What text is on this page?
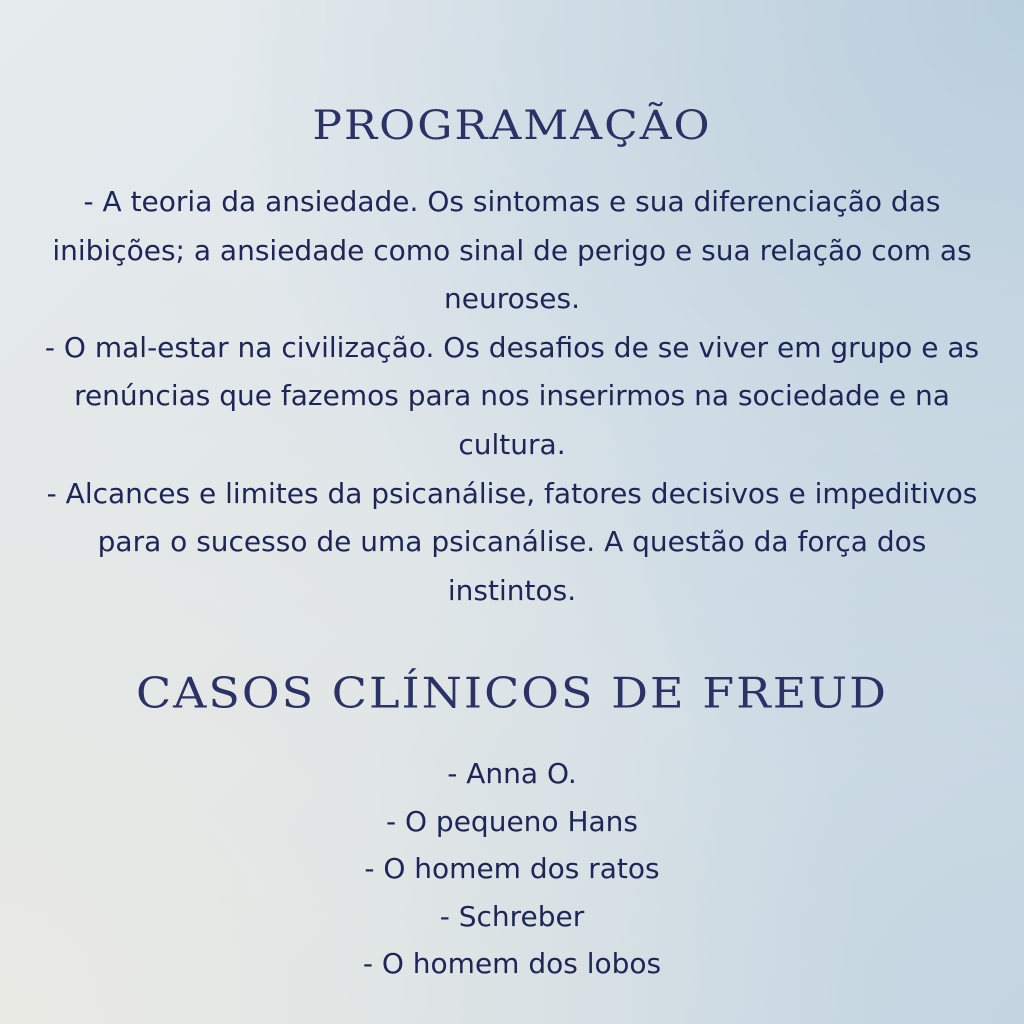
PROGRAMAÇÃO
- A teoria da ansiedade. Os sintomas e sua diferenciação das inibições; a ansiedade como sinal de perigo e sua relação com as neuroses.
- O mal-estar na civilização. Os desafios de se viver em grupo e as renúncias que fazemos para nos inserirmos na sociedade e na cultura.
- Alcances e limites da psicanálise, fatores decisivos e impeditivos para o sucesso de uma psicanálise. A questão da força dos instintos.
CASOS CLÍNICOS DE FREUD
- Anna O.
- O pequeno Hans
- O homem dos ratos
- Schreber
- O homem dos lobos
